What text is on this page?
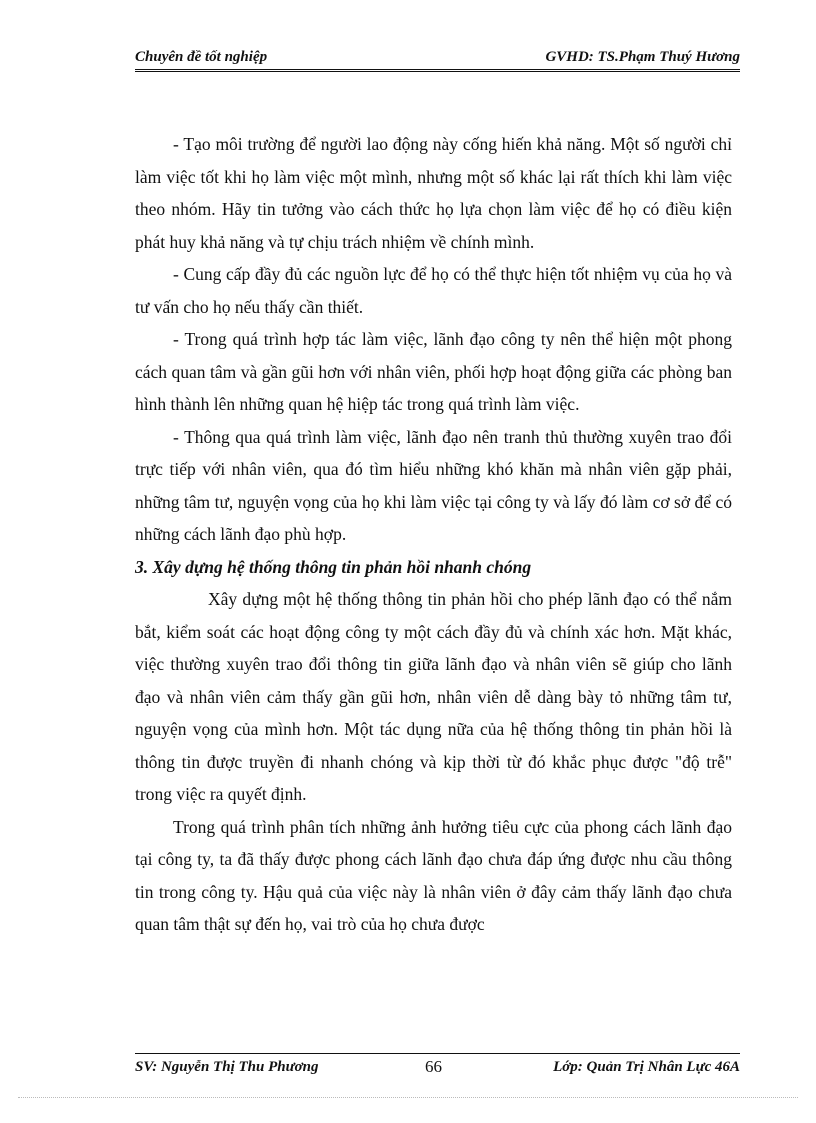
Chuyên đề tốt nghiệp	GVHD: TS.Phạm Thuý Hương

- Tạo môi trường để người lao động này cống hiến khả năng. Một số người chỉ làm việc tốt khi họ làm việc một mình, nhưng một số khác lại rất thích khi làm việc theo nhóm. Hãy tin tưởng vào cách thức họ lựa chọn làm việc để họ có điều kiện phát huy khả năng và tự chịu trách nhiệm về chính mình.

- Cung cấp đầy đủ các nguồn lực để họ có thể thực hiện tốt nhiệm vụ của họ và tư vấn cho họ nếu thấy cần thiết.

- Trong quá trình hợp tác làm việc, lãnh đạo công ty nên thể hiện một phong cách quan tâm và gần gũi hơn với nhân viên, phối hợp hoạt động giữa các phòng ban hình thành lên những quan hệ hiệp tác trong quá trình làm việc.

- Thông qua quá trình làm việc, lãnh đạo nên tranh thủ thường xuyên trao đổi trực tiếp với nhân viên, qua đó tìm hiểu những khó khăn mà nhân viên gặp phải, những tâm tư, nguyện vọng của họ khi làm việc tại công ty và lấy đó làm cơ sở để có những cách lãnh đạo phù hợp.

3. Xây dựng hệ thống thông tin phản hồi nhanh chóng

Xây dựng một hệ thống thông tin phản hồi cho phép lãnh đạo có thể nắm bắt, kiểm soát các hoạt động công ty một cách đầy đủ và chính xác hơn. Mặt khác, việc thường xuyên trao đổi thông tin giữa lãnh đạo và nhân viên sẽ giúp cho lãnh đạo và nhân viên cảm thấy gần gũi hơn, nhân viên dễ dàng bày tỏ những tâm tư, nguyện vọng của mình hơn. Một tác dụng nữa của hệ thống thông tin phản hồi là thông tin được truyền đi nhanh chóng và kịp thời từ đó khắc phục được "độ trễ" trong việc ra quyết định.

Trong quá trình phân tích những ảnh hưởng tiêu cực của phong cách lãnh đạo tại công ty, ta đã thấy được phong cách lãnh đạo chưa đáp ứng được nhu cầu thông tin trong công ty. Hậu quả của việc này là nhân viên ở đây cảm thấy lãnh đạo chưa quan tâm thật sự đến họ, vai trò của họ chưa được

SV: Nguyễn Thị Thu Phương	66	Lớp: Quản Trị Nhân Lực 46A
